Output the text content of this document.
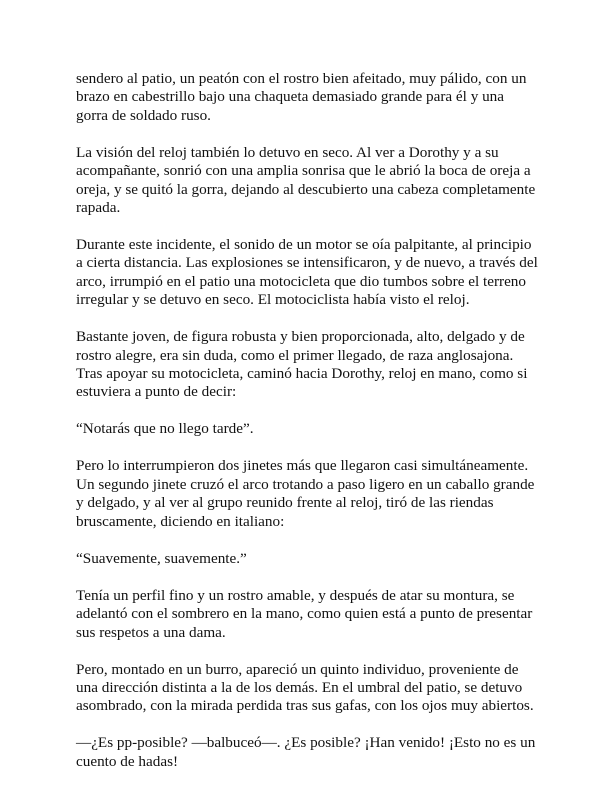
sendero al patio, un peatón con el rostro bien afeitado, muy pálido, con un
brazo en cabestrillo bajo una chaqueta demasiado grande para él y una
gorra de soldado ruso.

La visión del reloj también lo detuvo en seco. Al ver a Dorothy y a su
acompañante, sonrió con una amplia sonrisa que le abrió la boca de oreja a
oreja, y se quitó la gorra, dejando al descubierto una cabeza completamente
rapada.

Durante este incidente, el sonido de un motor se oía palpitante, al principio
a cierta distancia. Las explosiones se intensificaron, y de nuevo, a través del
arco, irrumpió en el patio una motocicleta que dio tumbos sobre el terreno
irregular y se detuvo en seco. El motociclista había visto el reloj.

Bastante joven, de figura robusta y bien proporcionada, alto, delgado y de
rostro alegre, era sin duda, como el primer llegado, de raza anglosajona.
Tras apoyar su motocicleta, caminó hacia Dorothy, reloj en mano, como si
estuviera a punto de decir:

“Notarás que no llego tarde”.

Pero lo interrumpieron dos jinetes más que llegaron casi simultáneamente.
Un segundo jinete cruzó el arco trotando a paso ligero en un caballo grande
y delgado, y al ver al grupo reunido frente al reloj, tiró de las riendas
bruscamente, diciendo en italiano:

“Suavemente, suavemente.”

Tenía un perfil fino y un rostro amable, y después de atar su montura, se
adelantó con el sombrero en la mano, como quien está a punto de presentar
sus respetos a una dama.

Pero, montado en un burro, apareció un quinto individuo, proveniente de
una dirección distinta a la de los demás. En el umbral del patio, se detuvo
asombrado, con la mirada perdida tras sus gafas, con los ojos muy abiertos.

—¿Es pp-posible? —balbuceó—. ¿Es posible? ¡Han venido! ¡Esto no es un
cuento de hadas!
